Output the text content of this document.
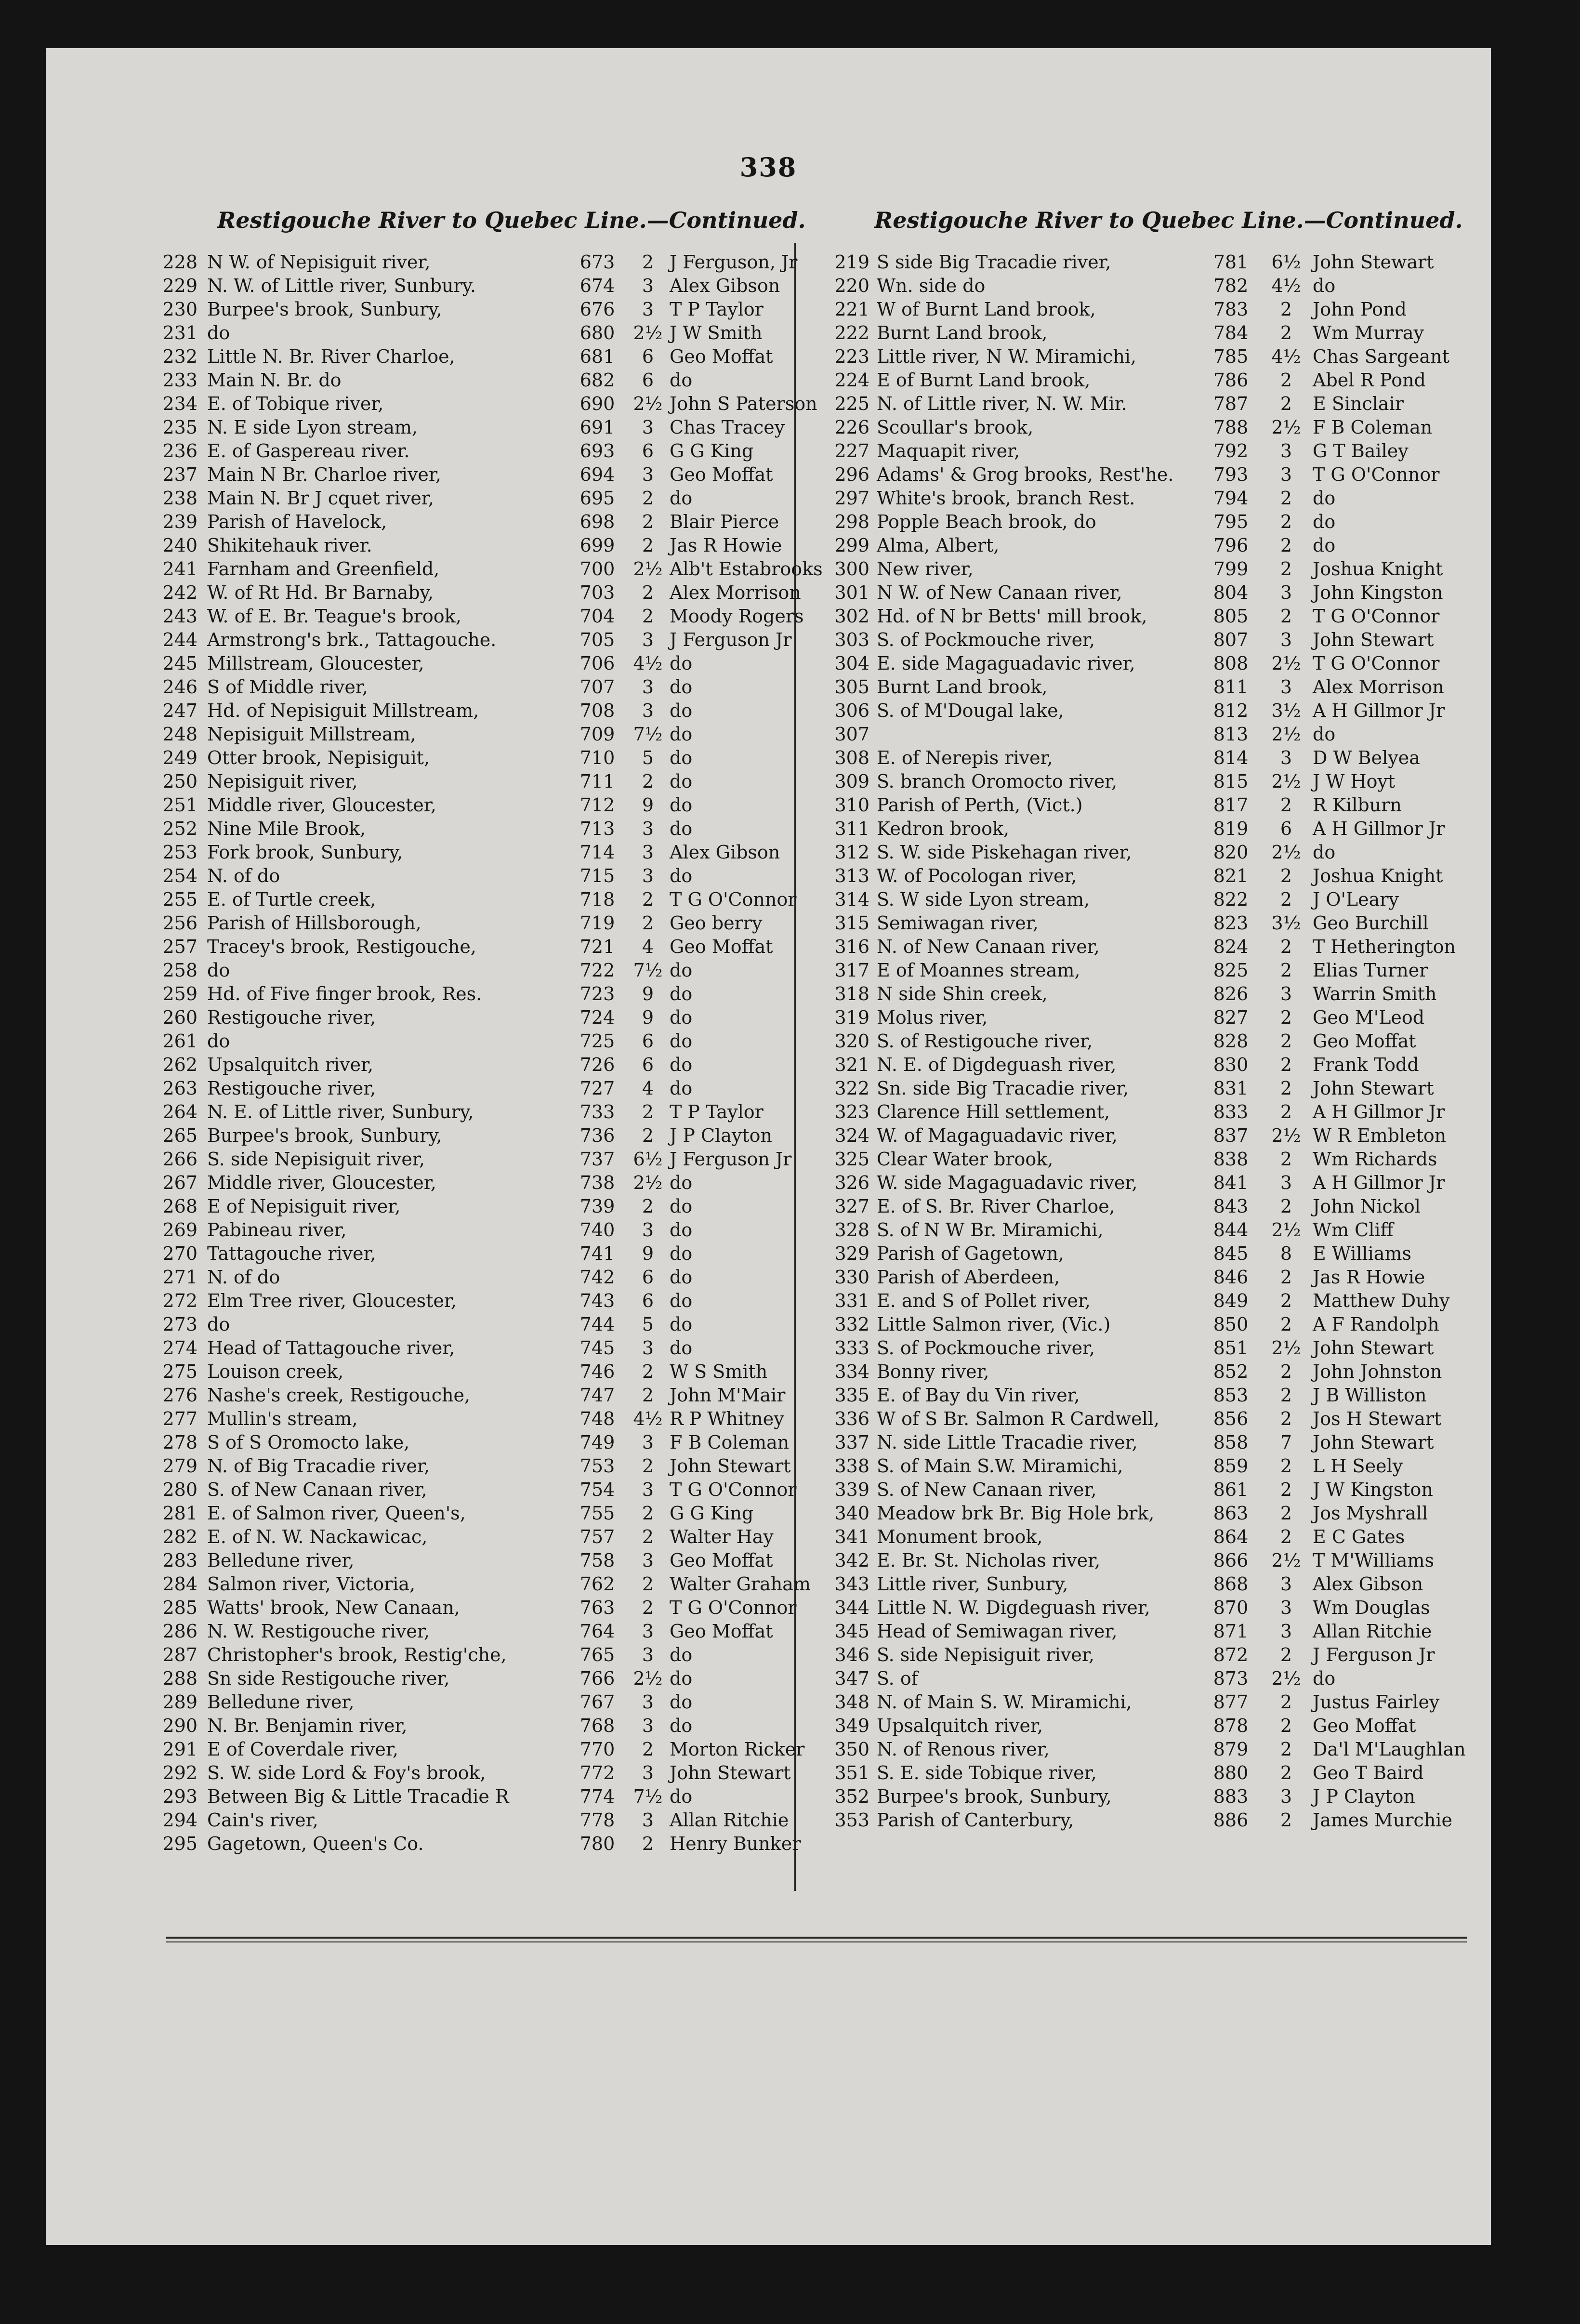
338
Restigouche River to Quebec Line.—Continued.	Restigouche River to Quebec Line.—Continued.
228 N W. of Nepisiguit river,	673	2 J Ferguson, Jr
229 N. W. of Little river, Sunbury.	674	3 Alex Gibson
230 Burpee's brook, Sunbury,	676	3 T P Taylor
231 do	680	2½ J W Smith
232 Little N. Br. River Charloe,	681	6 Geo Moffat
233 Main N. Br. do	682	6 do
234 E. of Tobique river,	690	2½ John S Paterson
235 N. E side Lyon stream,	691	3 Chas Tracey
236 E. of Gaspereau river.	693	6 G G King
237 Main N Br. Charloe river,	694	3 Geo Moffat
238 Main N. Br J cquet river,	695	2 do
239 Parish of Havelock,	698	2 Blair Pierce
240 Shikitehauk river.	699	2 Jas R Howie
241 Farnham and Greenfield,	700	2½ Alb't Estabrooks
242 W. of Rt Hd. Br Barnaby,	703	2 Alex Morrison
243 W. of E. Br. Teague's brook,	704	2 Moody Rogers
244 Armstrong's brk., Tattagouche.	705	3 J Ferguson Jr
245 Millstream, Gloucester,	706	4½ do
246 S of Middle river,	707	3 do
247 Hd. of Nepisiguit Millstream,	708	3 do
248 Nepisiguit Millstream,	709	7½ do
249 Otter brook, Nepisiguit,	710	5 do
250 Nepisiguit river,	711	2 do
251 Middle river, Gloucester,	712	9 do
252 Nine Mile Brook,	713	3 do
253 Fork brook, Sunbury,	714	3 Alex Gibson
254 N. of do	715	3 do
255 E. of Turtle creek,	718	2 T G O'Connor
256 Parish of Hillsborough,	719	2 Geo berry
257 Tracey's brook, Restigouche,	721	4 Geo Moffat
258 do	722	7½ do
259 Hd. of Five finger brook, Res.	723	9 do
260 Restigouche river,	724	9 do
261 do	725	6 do
262 Upsalquitch river,	726	6 do
263 Restigouche river,	727	4 do
264 N. E. of Little river, Sunbury,	733	2 T P Taylor
265 Burpee's brook, Sunbury,	736	2 J P Clayton
266 S. side Nepisiguit river,	737	6½ J Ferguson Jr
267 Middle river, Gloucester,	738	2½ do
268 E of Nepisiguit river,	739	2 do
269 Pabineau river,	740	3 do
270 Tattagouche river,	741	9 do
271 N. of do	742	6 do
272 Elm Tree river, Gloucester,	743	6 do
273 do	744	5 do
274 Head of Tattagouche river,	745	3 do
275 Louison creek,	746	2 W S Smith
276 Nashe's creek, Restigouche,	747	2 John M'Mair
277 Mullin's stream,	748	4½ R P Whitney
278 S of S Oromocto lake,	749	3 F B Coleman
279 N. of Big Tracadie river,	753	2 John Stewart
280 S. of New Canaan river,	754	3 T G O'Connor
281 E. of Salmon river, Queen's,	755	2 G G King
282 E. of N. W. Nackawicac,	757	2 Walter Hay
283 Belledune river,	758	3 Geo Moffat
284 Salmon river, Victoria,	762	2 Walter Graham
285 Watts' brook, New Canaan,	763	2 T G O'Connor
286 N. W. Restigouche river,	764	3 Geo Moffat
287 Christopher's brook, Restig'che,	765	3 do
288 Sn side Restigouche river,	766	2½ do
289 Belledune river,	767	3 do
290 N. Br. Benjamin river,	768	3 do
291 E of Coverdale river,	770	2 Morton Ricker
292 S. W. side Lord & Foy's brook,	772	3 John Stewart
293 Between Big & Little Tracadie R	774	7½ do
294 Cain's river,	778	3 Allan Ritchie
295 Gagetown, Queen's Co.	780	2 Henry Bunker
219 S side Big Tracadie river,	781	6½ John Stewart
220 Wn. side do	782	4½ do
221 W of Burnt Land brook,	783	2	John Pond
222 Burnt Land brook,	784	2	Wm Murray
223 Little river, N W. Miramichi,	785	4½ Chas Sargeant
224 E of Burnt Land brook,	786	2	Abel R Pond
225 N. of Little river, N. W. Mir.	787	2	E Sinclair
226 Scoullar's brook,	788	2½ F B Coleman
227 Maquapit river,	792	3	G T Bailey
296 Adams' & Grog brooks, Rest'he.	793	3	T G O'Connor
297 White's brook, branch Rest.	794	2	do
298 Popple Beach brook, do	795	2	do
299 Alma, Albert,	796	2	do
300 New river,	799	2	Joshua Knight
301 N W. of New Canaan river,	804	3	John Kingston
302 Hd. of N br Betts' mill brook,	805	2	T G O'Connor
303 S. of Pockmouche river,	807	3	John Stewart
304 E. side Magaguadavic river,	808	2½ T G O'Connor
305 Burnt Land brook,	811	3	Alex Morrison
306 S. of M'Dougal lake,	812	3½ A H Gillmor Jr
307	813	2½ do
308 E. of Nerepis river,	814	3	D W Belyea
309 S. branch Oromocto river,	815	2½ J W Hoyt
310 Parish of Perth, (Vict.)	817	2	R Kilburn
311 Kedron brook,	819	6	A H Gillmor Jr
312 S. W. side Piskehagan river,	820	2½ do
313 W. of Pocologan river,	821	2	Joshua Knight
314 S. W side Lyon stream,	822	2	J O'Leary
315 Semiwagan river,	823	3½ Geo Burchill
316 N. of New Canaan river,	824	2	T Hetherington
317 E of Moannes stream,	825	2	Elias Turner
318 N side Shin creek,	826	3	Warrin Smith
319 Molus river,	827	2	Geo M'Leod
320 S. of Restigouche river,	828	2	Geo Moffat
321 N. E. of Digdeguash river,	830	2	Frank Todd
322 Sn. side Big Tracadie river,	831	2	John Stewart
323 Clarence Hill settlement,	833	2	A H Gillmor Jr
324 W. of Magaguadavic river,	837	2½ W R Embleton
325 Clear Water brook,	838	2	Wm Richards
326 W. side Magaguadavic river,	841	3	A H Gillmor Jr
327 E. of S. Br. River Charloe,	843	2	John Nickol
328 S. of N W Br. Miramichi,	844	2½ Wm Cliff
329 Parish of Gagetown,	845	8	E Williams
330 Parish of Aberdeen,	846	2	Jas R Howie
331 E. and S of Pollet river,	849	2	Matthew Duhy
332 Little Salmon river, (Vic.)	850	2	A F Randolph
333 S. of Pockmouche river,	851	2½ John Stewart
334 Bonny river,	852	2	John Johnston
335 E. of Bay du Vin river,	853	2	J B Williston
336 W of S Br. Salmon R Cardwell,	856	2	Jos H Stewart
337 N. side Little Tracadie river,	858	7	John Stewart
338 S. of Main S.W. Miramichi,	859	2	L H Seely
339 S. of New Canaan river,	861	2	J W Kingston
340 Meadow brk Br. Big Hole brk,	863	2	Jos Myshrall
341 Monument brook,	864	2	E C Gates
342 E. Br. St. Nicholas river,	866	2½ T M'Williams
343 Little river, Sunbury,	868	3	Alex Gibson
344 Little N. W. Digdeguash river,	870	3	Wm Douglas
345 Head of Semiwagan river,	871	3	Allan Ritchie
346 S. side Nepisiguit river,	872	2	J Ferguson Jr
347 S. of	873	2½ do
348 N. of Main S. W. Miramichi,	877	2	Justus Fairley
349 Upsalquitch river,	878	2	Geo Moffat
350 N. of Renous river,	879	2	Da'l M'Laughlan
351 S. E. side Tobique river,	880	2	Geo T Baird
352 Burpee's brook, Sunbury,	883	3	J P Clayton
353 Parish of Canterbury,	886	2	James Murchie
